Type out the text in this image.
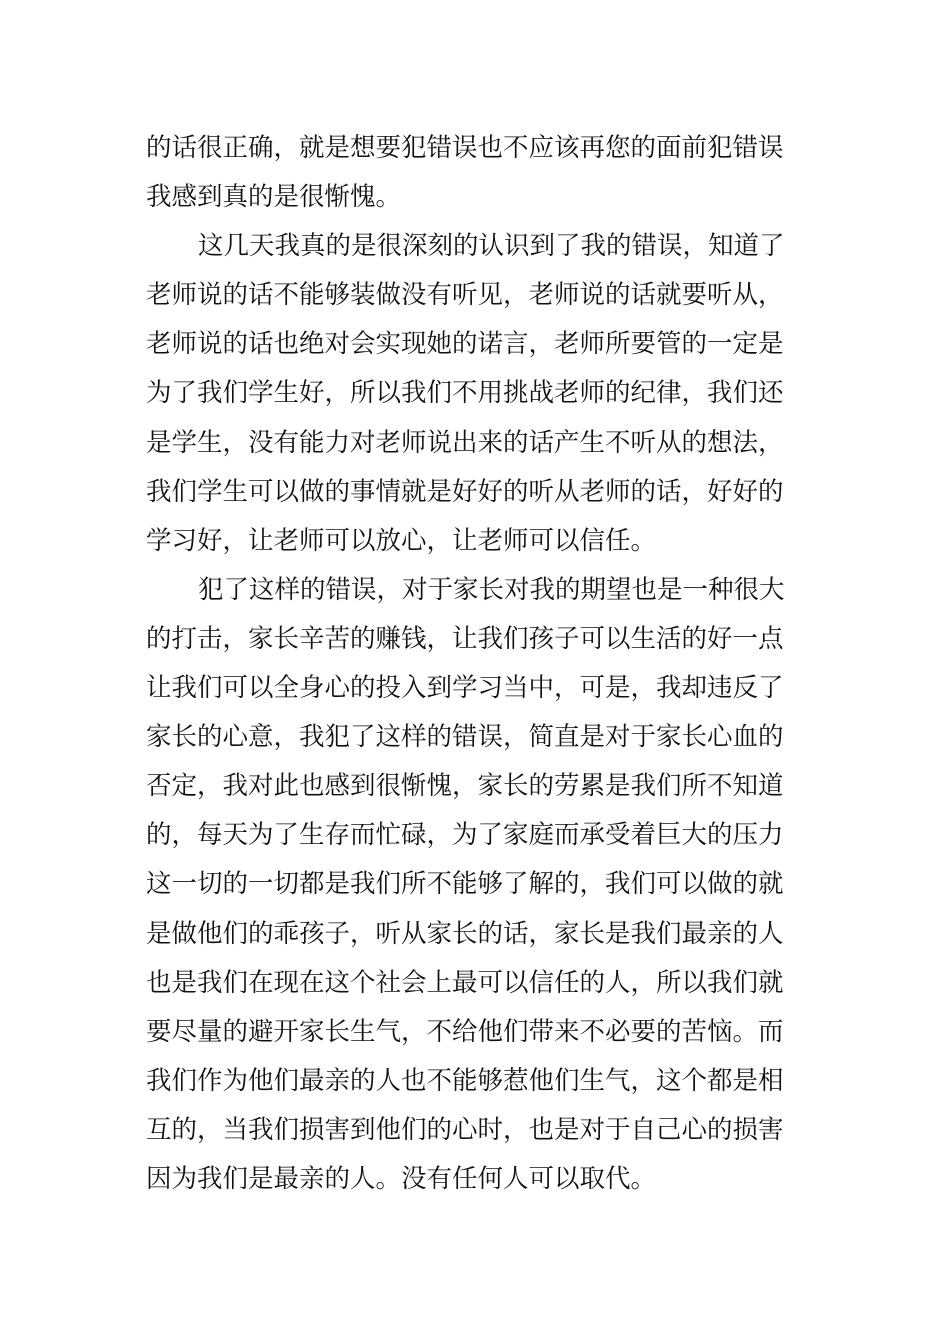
的话很正确，就是想要犯错误也不应该再您的面前犯错误
我感到真的是很惭愧。
这几天我真的是很深刻的认识到了我的错误，知道了
老师说的话不能够装做没有听见，老师说的话就要听从，
老师说的话也绝对会实现她的诺言，老师所要管的一定是
为了我们学生好，所以我们不用挑战老师的纪律，我们还
是学生，没有能力对老师说出来的话产生不听从的想法，
我们学生可以做的事情就是好好的听从老师的话，好好的
学习好，让老师可以放心，让老师可以信任。
犯了这样的错误，对于家长对我的期望也是一种很大
的打击，家长辛苦的赚钱，让我们孩子可以生活的好一点
让我们可以全身心的投入到学习当中，可是，我却违反了
家长的心意，我犯了这样的错误，简直是对于家长心血的
否定，我对此也感到很惭愧，家长的劳累是我们所不知道
的，每天为了生存而忙碌，为了家庭而承受着巨大的压力
这一切的一切都是我们所不能够了解的，我们可以做的就
是做他们的乖孩子，听从家长的话，家长是我们最亲的人
也是我们在现在这个社会上最可以信任的人，所以我们就
要尽量的避开家长生气，不给他们带来不必要的苦恼。而
我们作为他们最亲的人也不能够惹他们生气，这个都是相
互的，当我们损害到他们的心时，也是对于自己心的损害
因为我们是最亲的人。没有任何人可以取代。
